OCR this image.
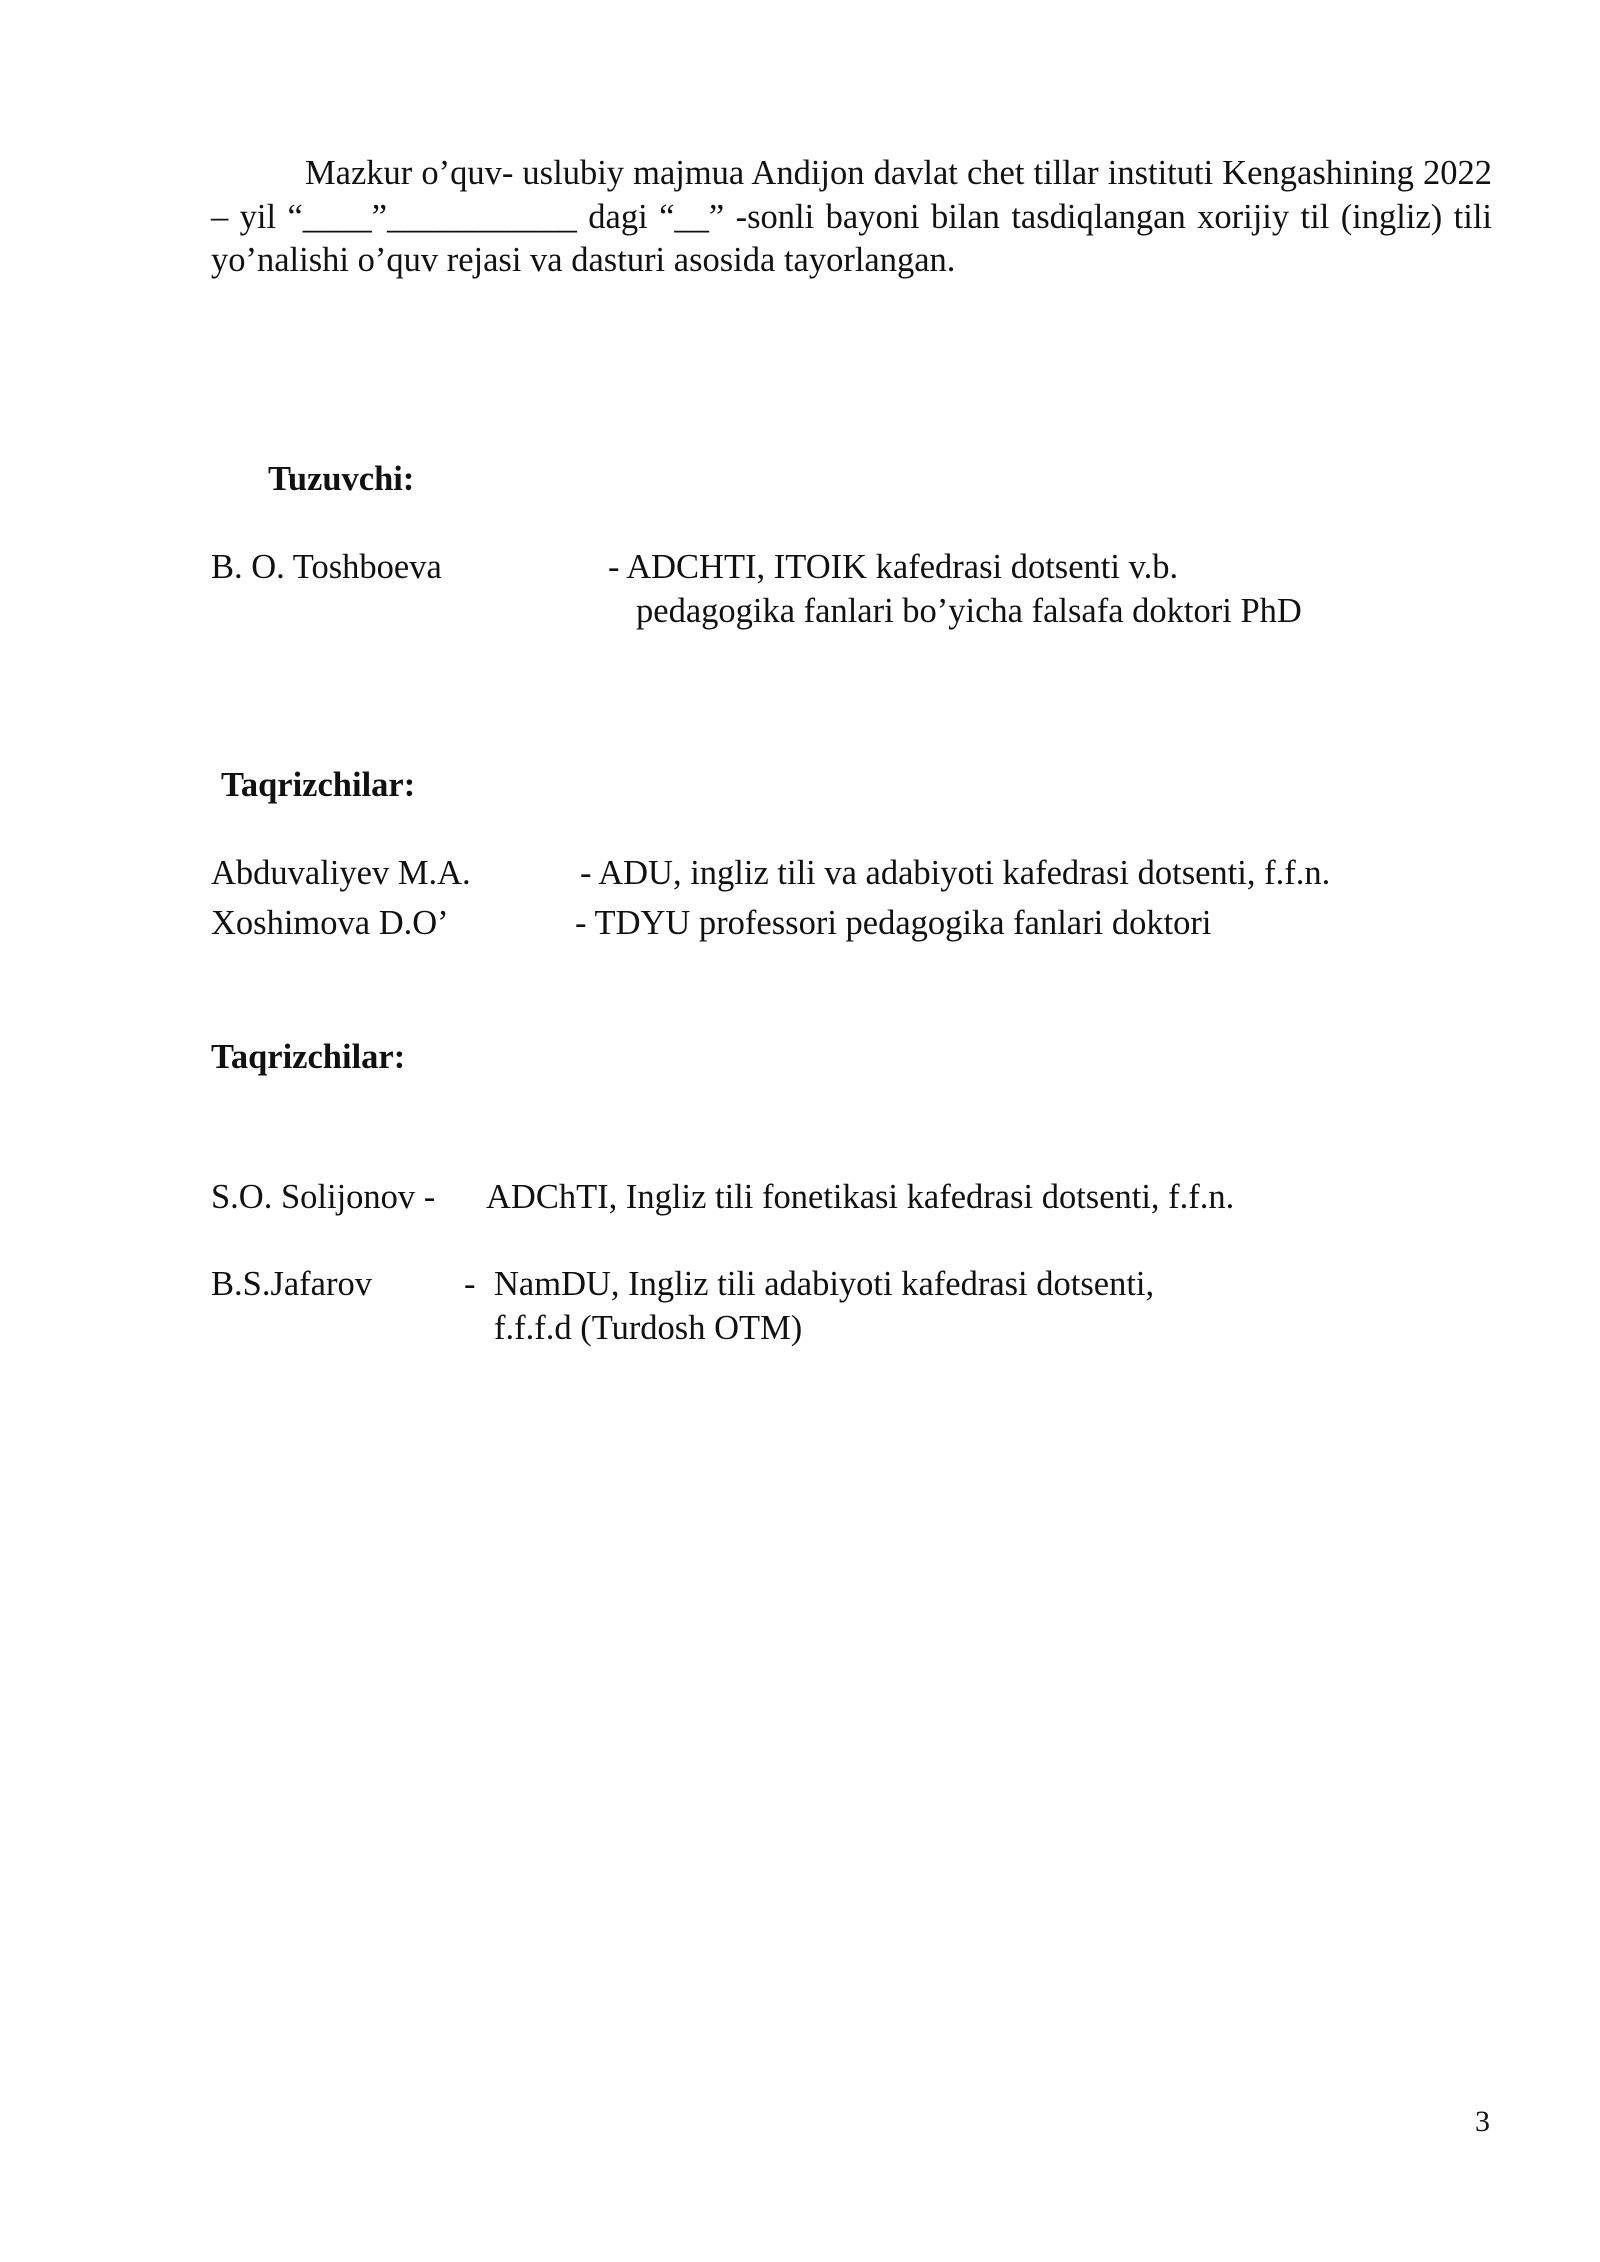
Mazkur o’quv- uslubiy majmua Andijon davlat chet tillar instituti Kengashining 2022 – yil “____”___________ dagi “__” -sonli bayoni bilan tasdiqlangan xorijiy til (ingliz) tili yo’nalishi o’quv rejasi va dasturi asosida tayorlangan.

Tuzuvchi:
B. O. Toshboeva	- ADCHTI, ITOIK kafedrasi dotsenti v.b.
pedagogika fanlari bo’yicha falsafa doktori PhD
Taqrizchilar:
Abduvaliyev M.A.	- ADU, ingliz tili va adabiyoti kafedrasi dotsenti, f.f.n.
Xoshimova D.O’	- TDYU professori pedagogika fanlari doktori
Taqrizchilar:
S.O. Solijonov - ADChTI, Ingliz tili fonetikasi kafedrasi dotsenti, f.f.n.
B.S.Jafarov	- NamDU, Ingliz tili adabiyoti kafedrasi dotsenti,
f.f.f.d (Turdosh OTM)
3
